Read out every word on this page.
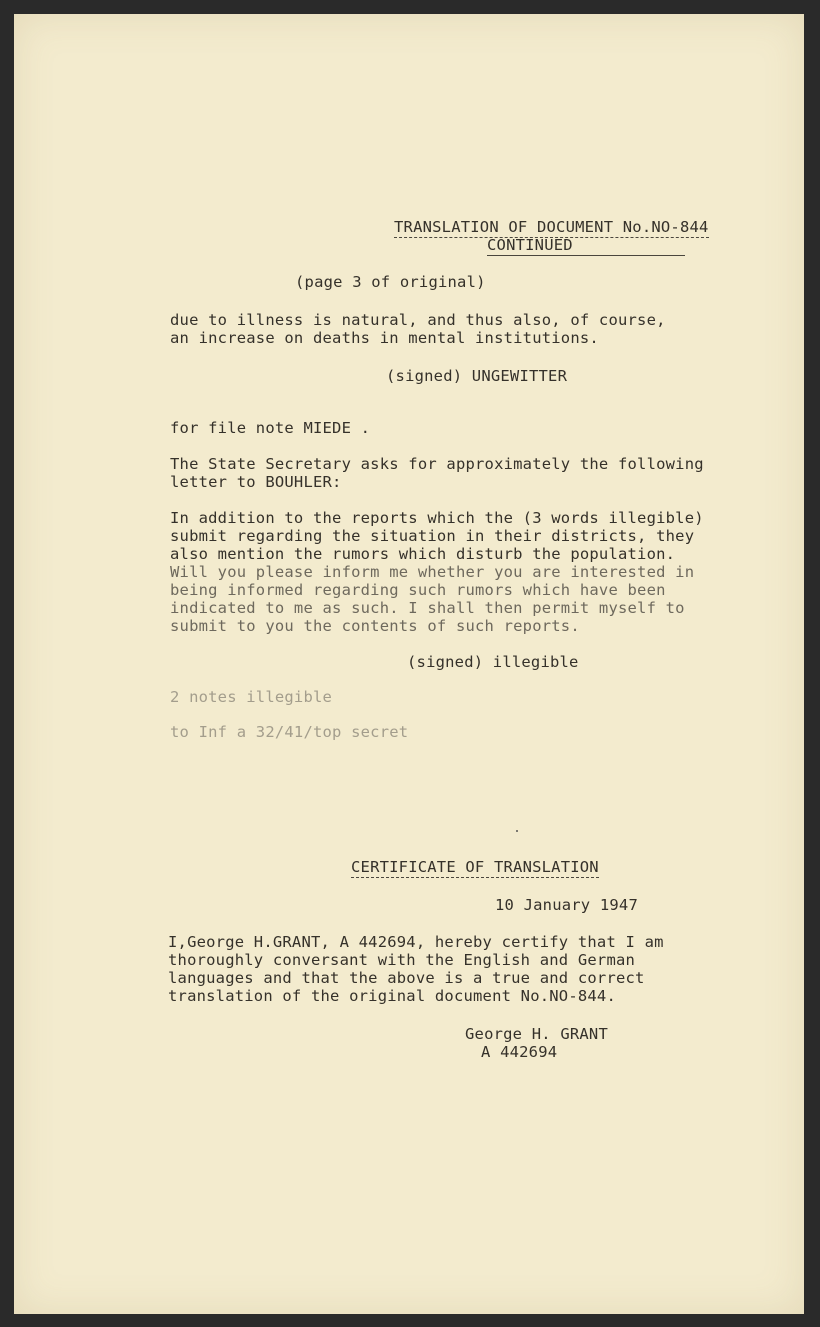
TRANSLATION OF DOCUMENT No.NO-844
CONTINUED
(page 3 of original)
due to illness is natural, and thus also, of course,
an increase on deaths in mental institutions.
(signed) UNGEWITTER
for file note MIEDE .
The State Secretary asks for approximately the following
letter to BOUHLER:
In addition to the reports which the (3 words illegible)
submit regarding the situation in their districts, they
also mention the rumors which disturb the population.
Will you please inform me whether you are interested in
being informed regarding such rumors which have been
indicated to me as such. I shall then permit myself to
submit to you the contents of such reports.
(signed) illegible
2 notes illegible
to Inf a 32/41/top secret
CERTIFICATE OF TRANSLATION
10 January 1947
I,George H.GRANT, A 442694, hereby certify that I am
thoroughly conversant with the English and German
languages and that the above is a true and correct
translation of the original document No.NO-844.
George H. GRANT
A 442694
